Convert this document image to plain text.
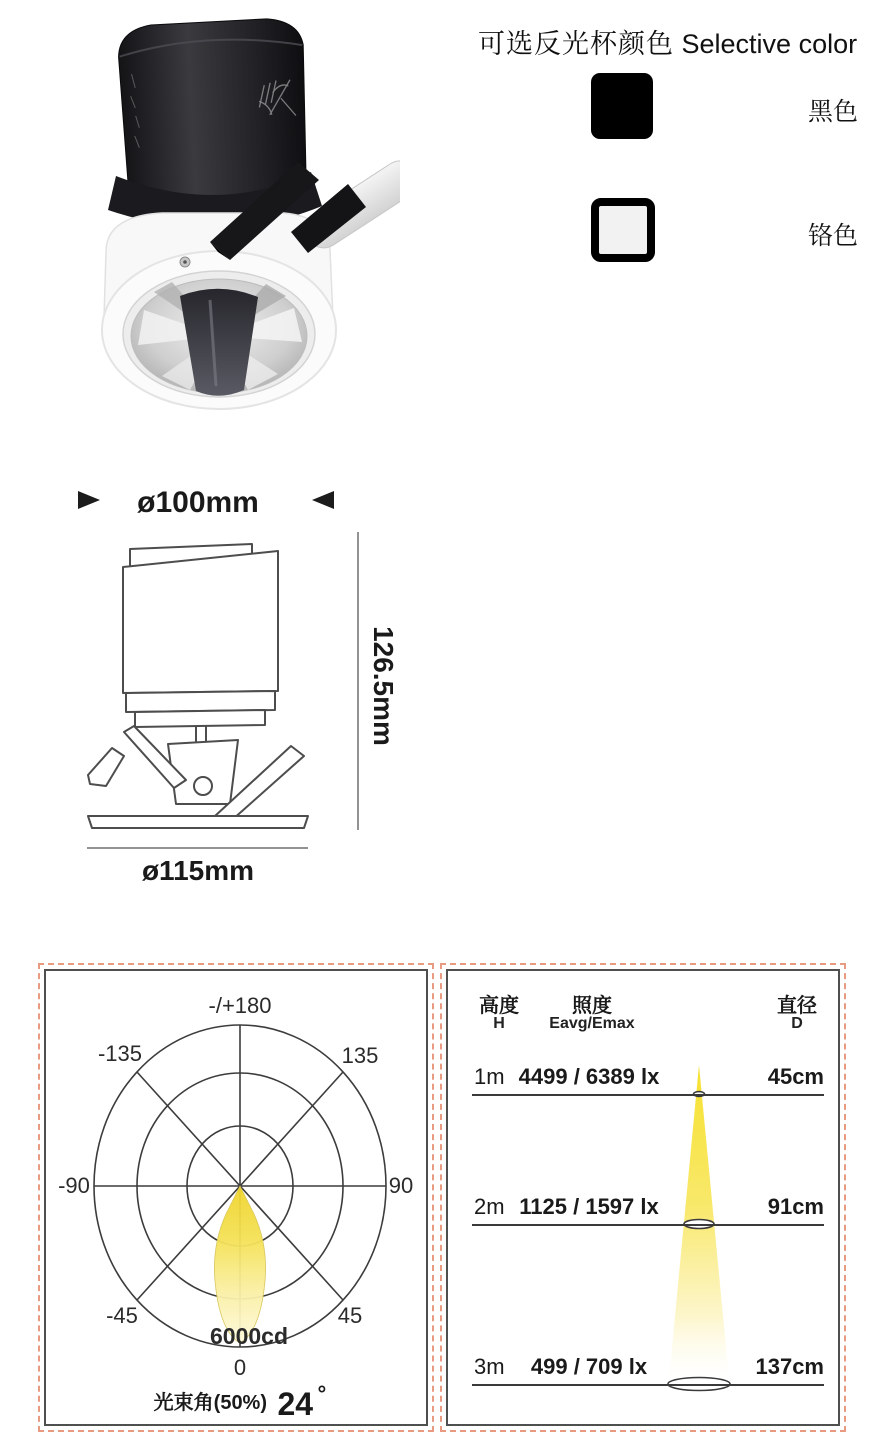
可选反光杯颜色 Selective color
黑色
铬色
ø100mm
126.5mm
ø115mm
-/+180
-135	135
-90	90
-45	45
6000cd
0
光束角(50%) 24 °
高度
H
照度
Eavg/Emax
直径
D
1m 4499 / 6389 lx	45cm
2m 1125 / 1597 lx	91cm
3m	499 / 709 lx	137cm
